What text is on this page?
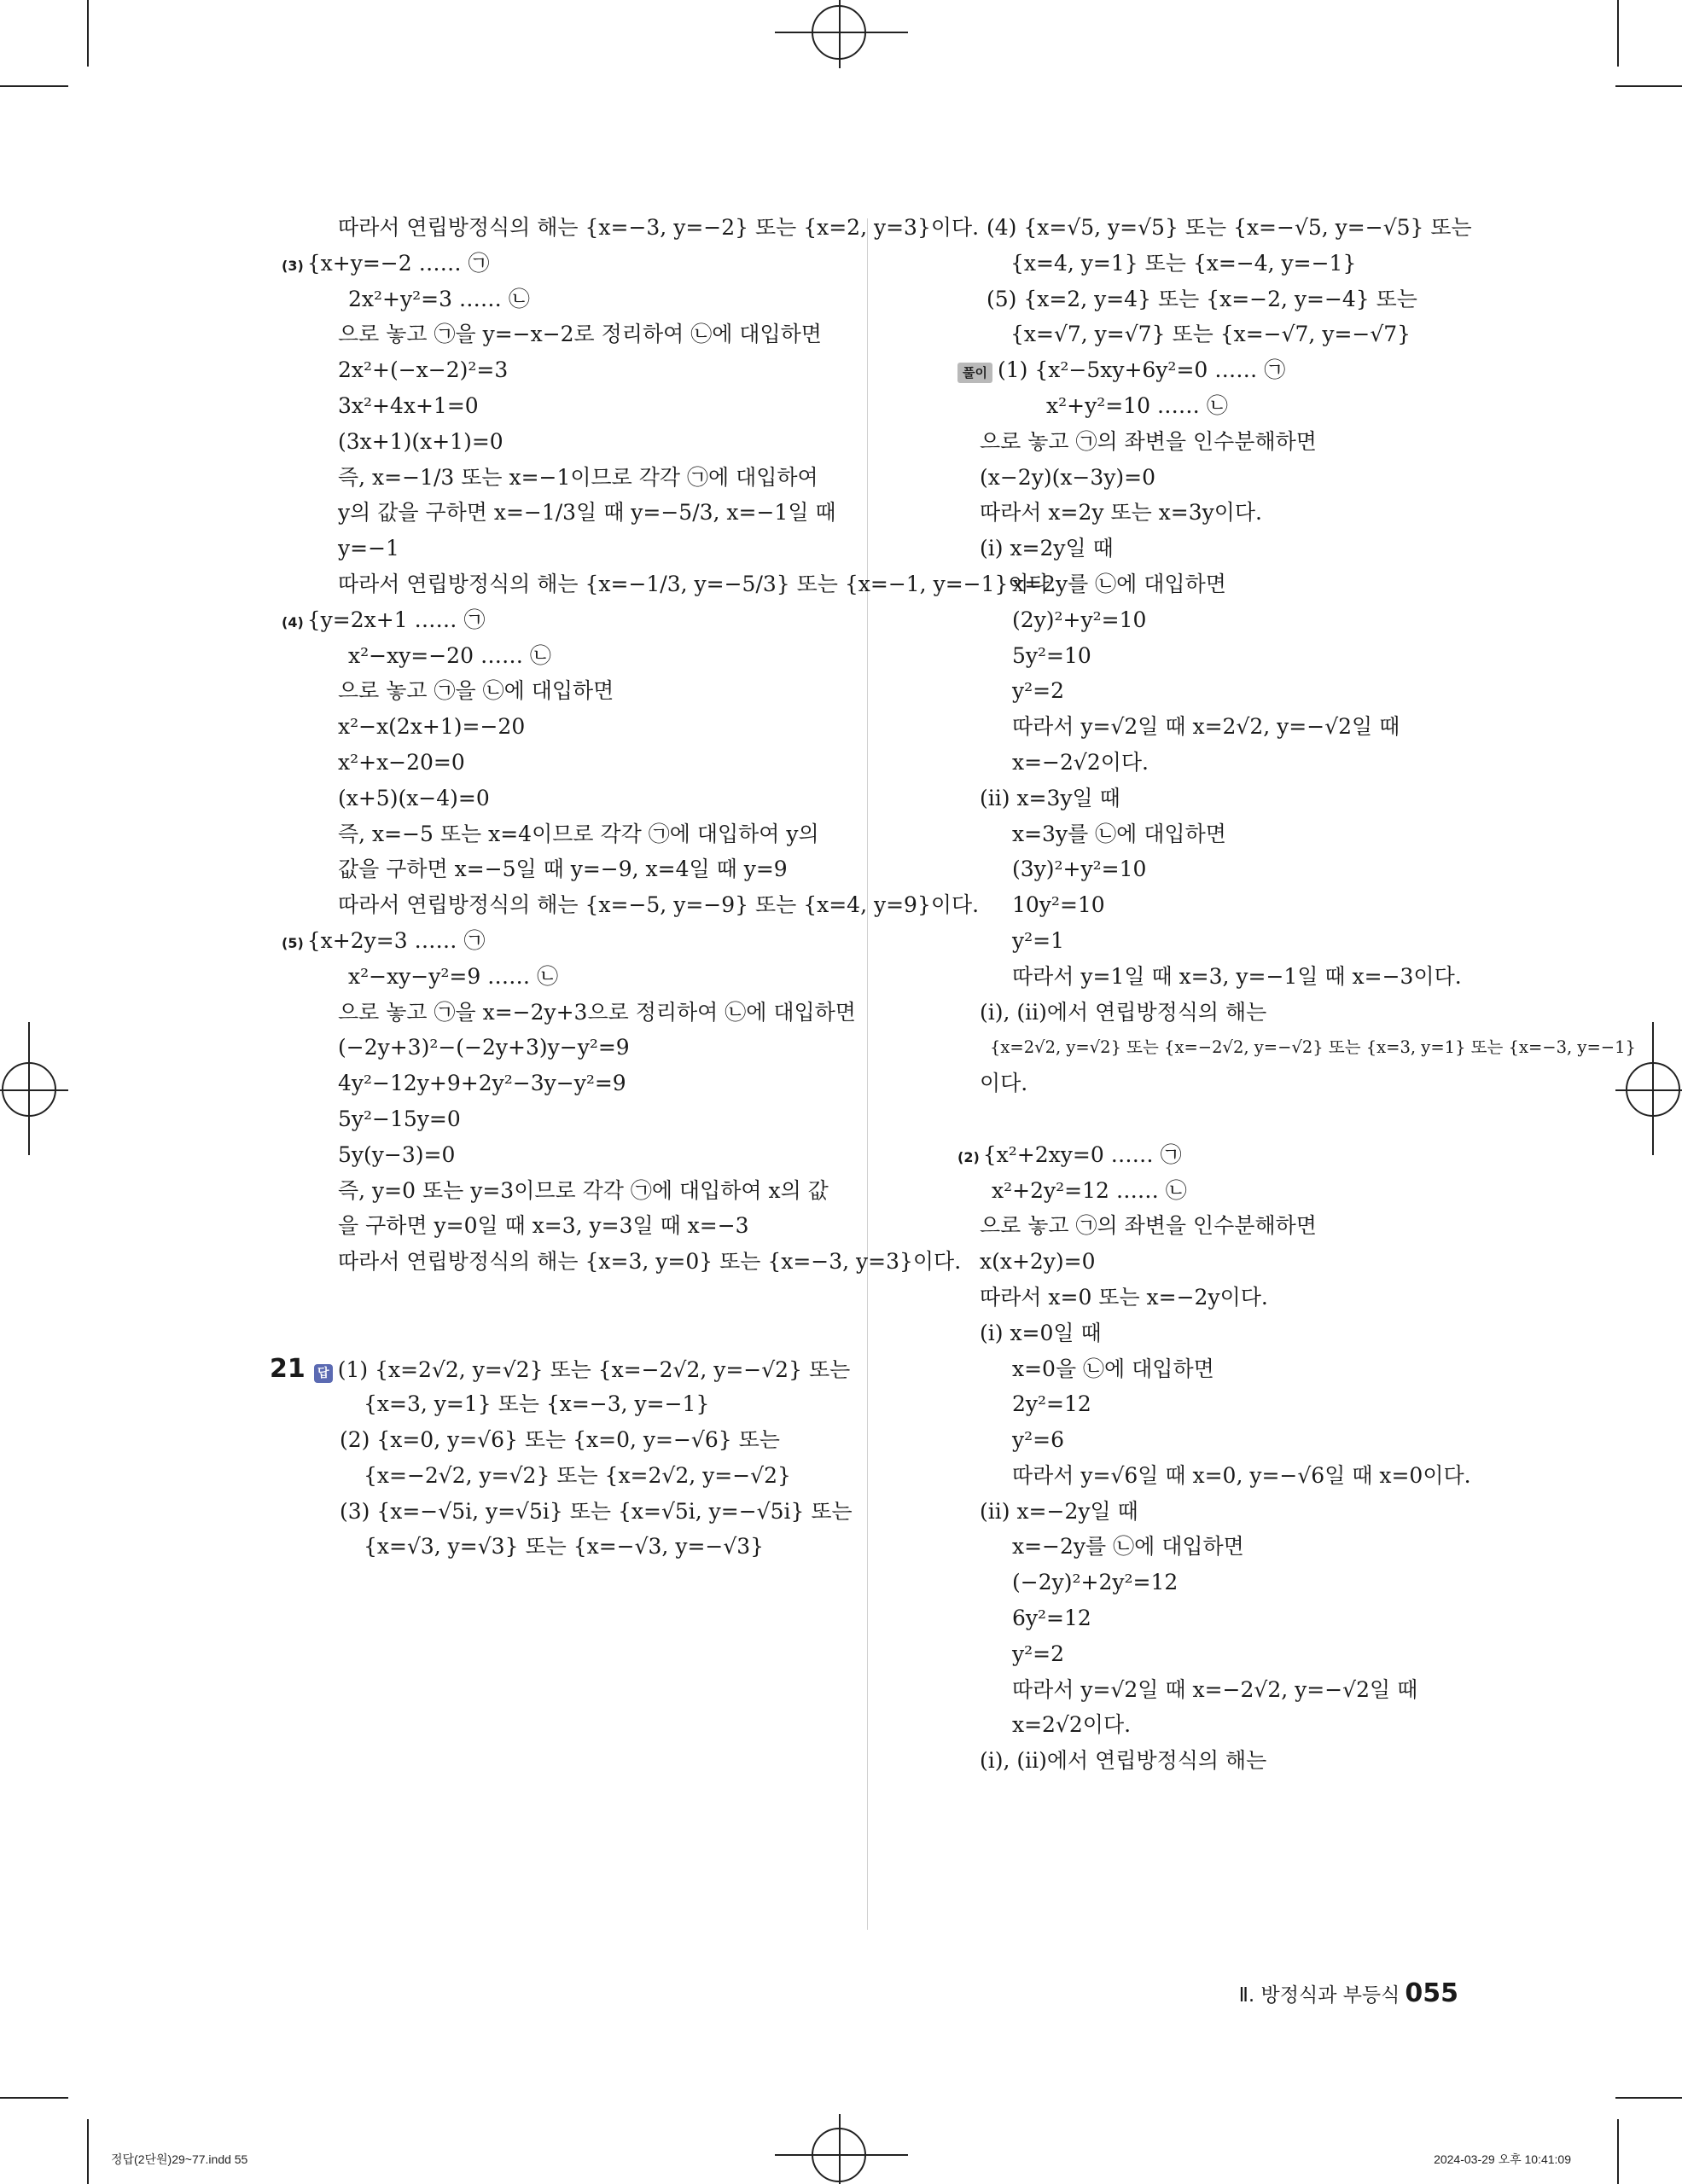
따라서 연립방정식의 해는 {x=−3, y=−2} 또는 {x=2, y=3}이다.
(3) {x+y=−2 …… ㉠
2x²+y²=3 …… ㉡
으로 놓고 ㉠을 y=−x−2로 정리하여 ㉡에 대입하면
2x²+(−x−2)²=3
3x²+4x+1=0
(3x+1)(x+1)=0
즉, x=−1/3 또는 x=−1이므로 각각 ㉠에 대입하여
y의 값을 구하면 x=−1/3일 때 y=−5/3, x=−1일 때
y=−1
따라서 연립방정식의 해는 {x=−1/3, y=−5/3} 또는 {x=−1, y=−1}이다.
(4) {y=2x+1 …… ㉠
x²−xy=−20 …… ㉡
으로 놓고 ㉠을 ㉡에 대입하면
x²−x(2x+1)=−20
x²+x−20=0
(x+5)(x−4)=0
즉, x=−5 또는 x=4이므로 각각 ㉠에 대입하여 y의
값을 구하면 x=−5일 때 y=−9, x=4일 때 y=9
따라서 연립방정식의 해는 {x=−5, y=−9} 또는 {x=4, y=9}이다.
(5) {x+2y=3 …… ㉠
x²−xy−y²=9 …… ㉡
으로 놓고 ㉠을 x=−2y+3으로 정리하여 ㉡에 대입하면
(−2y+3)²−(−2y+3)y−y²=9
4y²−12y+9+2y²−3y−y²=9
5y²−15y=0
5y(y−3)=0
즉, y=0 또는 y=3이므로 각각 ㉠에 대입하여 x의 값
을 구하면 y=0일 때 x=3, y=3일 때 x=−3
따라서 연립방정식의 해는 {x=3, y=0} 또는 {x=−3, y=3}이다.
21 답 (1) {x=2√2, y=√2} 또는 {x=−2√2, y=−√2} 또는
{x=3, y=1} 또는 {x=−3, y=−1}
(2) {x=0, y=√6} 또는 {x=0, y=−√6} 또는
{x=−2√2, y=√2} 또는 {x=2√2, y=−√2}
(3) {x=−√5i, y=√5i} 또는 {x=√5i, y=−√5i} 또는
{x=√3, y=√3} 또는 {x=−√3, y=−√3}
(4) {x=√5, y=√5} 또는 {x=−√5, y=−√5} 또는
{x=4, y=1} 또는 {x=−4, y=−1}
(5) {x=2, y=4} 또는 {x=−2, y=−4} 또는
{x=√7, y=√7} 또는 {x=−√7, y=−√7}
풀이 (1) {x²−5xy+6y²=0 …… ㉠
x²+y²=10 …… ㉡
으로 놓고 ㉠의 좌변을 인수분해하면
(x−2y)(x−3y)=0
따라서 x=2y 또는 x=3y이다.
(ⅰ) x=2y일 때
x=2y를 ㉡에 대입하면
(2y)²+y²=10
5y²=10
y²=2
따라서 y=√2일 때 x=2√2, y=−√2일 때
x=−2√2이다.
(ⅱ) x=3y일 때
x=3y를 ㉡에 대입하면
(3y)²+y²=10
10y²=10
y²=1
따라서 y=1일 때 x=3, y=−1일 때 x=−3이다.
(ⅰ), (ⅱ)에서 연립방정식의 해는
{x=2√2, y=√2} 또는 {x=−2√2, y=−√2} 또는 {x=3, y=1} 또는 {x=−3, y=−1}
이다.
(2) {x²+2xy=0 …… ㉠
x²+2y²=12 …… ㉡
으로 놓고 ㉠의 좌변을 인수분해하면
x(x+2y)=0
따라서 x=0 또는 x=−2y이다.
(ⅰ) x=0일 때
x=0을 ㉡에 대입하면
2y²=12
y²=6
따라서 y=√6일 때 x=0, y=−√6일 때 x=0이다.
(ⅱ) x=−2y일 때
x=−2y를 ㉡에 대입하면
(−2y)²+2y²=12
6y²=12
y²=2
따라서 y=√2일 때 x=−2√2, y=−√2일 때
x=2√2이다.
(ⅰ), (ⅱ)에서 연립방정식의 해는
Ⅱ. 방정식과 부등식 055
정답(2단원)29~77.indd 55	2024-03-29 오후 10:41:09
